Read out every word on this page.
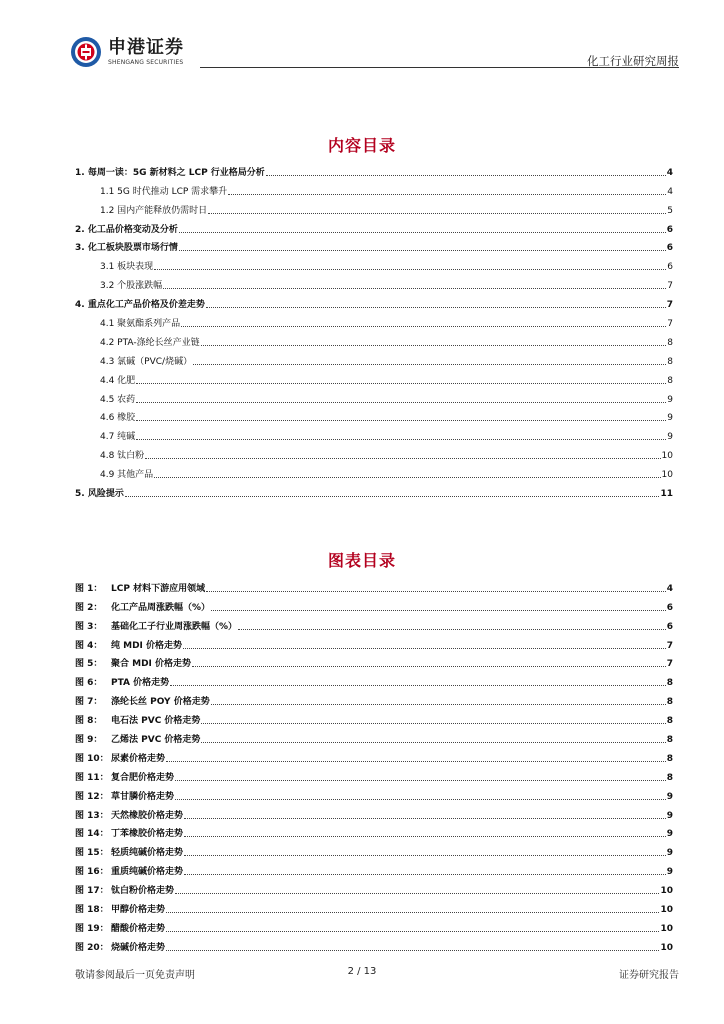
申港证券
SHENGANG SECURITIES	化工行业研究周报
内容目录
1. 每周一读：5G 新材料之 LCP 行业格局分析	4
1.1 5G 时代推动 LCP 需求攀升	4
1.2 国内产能释放仍需时日	5
2. 化工品价格变动及分析	6
3. 化工板块股票市场行情	6
3.1 板块表现	6
3.2 个股涨跌幅	7
4. 重点化工产品价格及价差走势	7
4.1 聚氨酯系列产品	7
4.2 PTA-涤纶长丝产业链	8
4.3 氯碱（PVC/烧碱）	8
4.4 化肥	8
4.5 农药	9
4.6 橡胶	9
4.7 纯碱	9
4.8 钛白粉	10
4.9 其他产品	10
5. 风险提示	11
图表目录
图 1： LCP 材料下游应用领域	4
图 2： 化工产品周涨跌幅（%）	6
图 3： 基础化工子行业周涨跌幅（%）	6
图 4： 纯 MDI 价格走势	7
图 5： 聚合 MDI 价格走势	7
图 6： PTA 价格走势	8
图 7： 涤纶长丝 POY 价格走势	8
图 8： 电石法 PVC 价格走势	8
图 9： 乙烯法 PVC 价格走势	8
图 10： 尿素价格走势	8
图 11： 复合肥价格走势	8
图 12： 草甘膦价格走势	9
图 13： 天然橡胶价格走势	9
图 14： 丁苯橡胶价格走势	9
图 15： 轻质纯碱价格走势	9
图 16： 重质纯碱价格走势	9
图 17： 钛白粉价格走势	10
图 18： 甲醇价格走势	10
图 19： 醋酸价格走势	10
图 20： 烧碱价格走势	10
敬请参阅最后一页免责声明	2 / 13	证券研究报告
